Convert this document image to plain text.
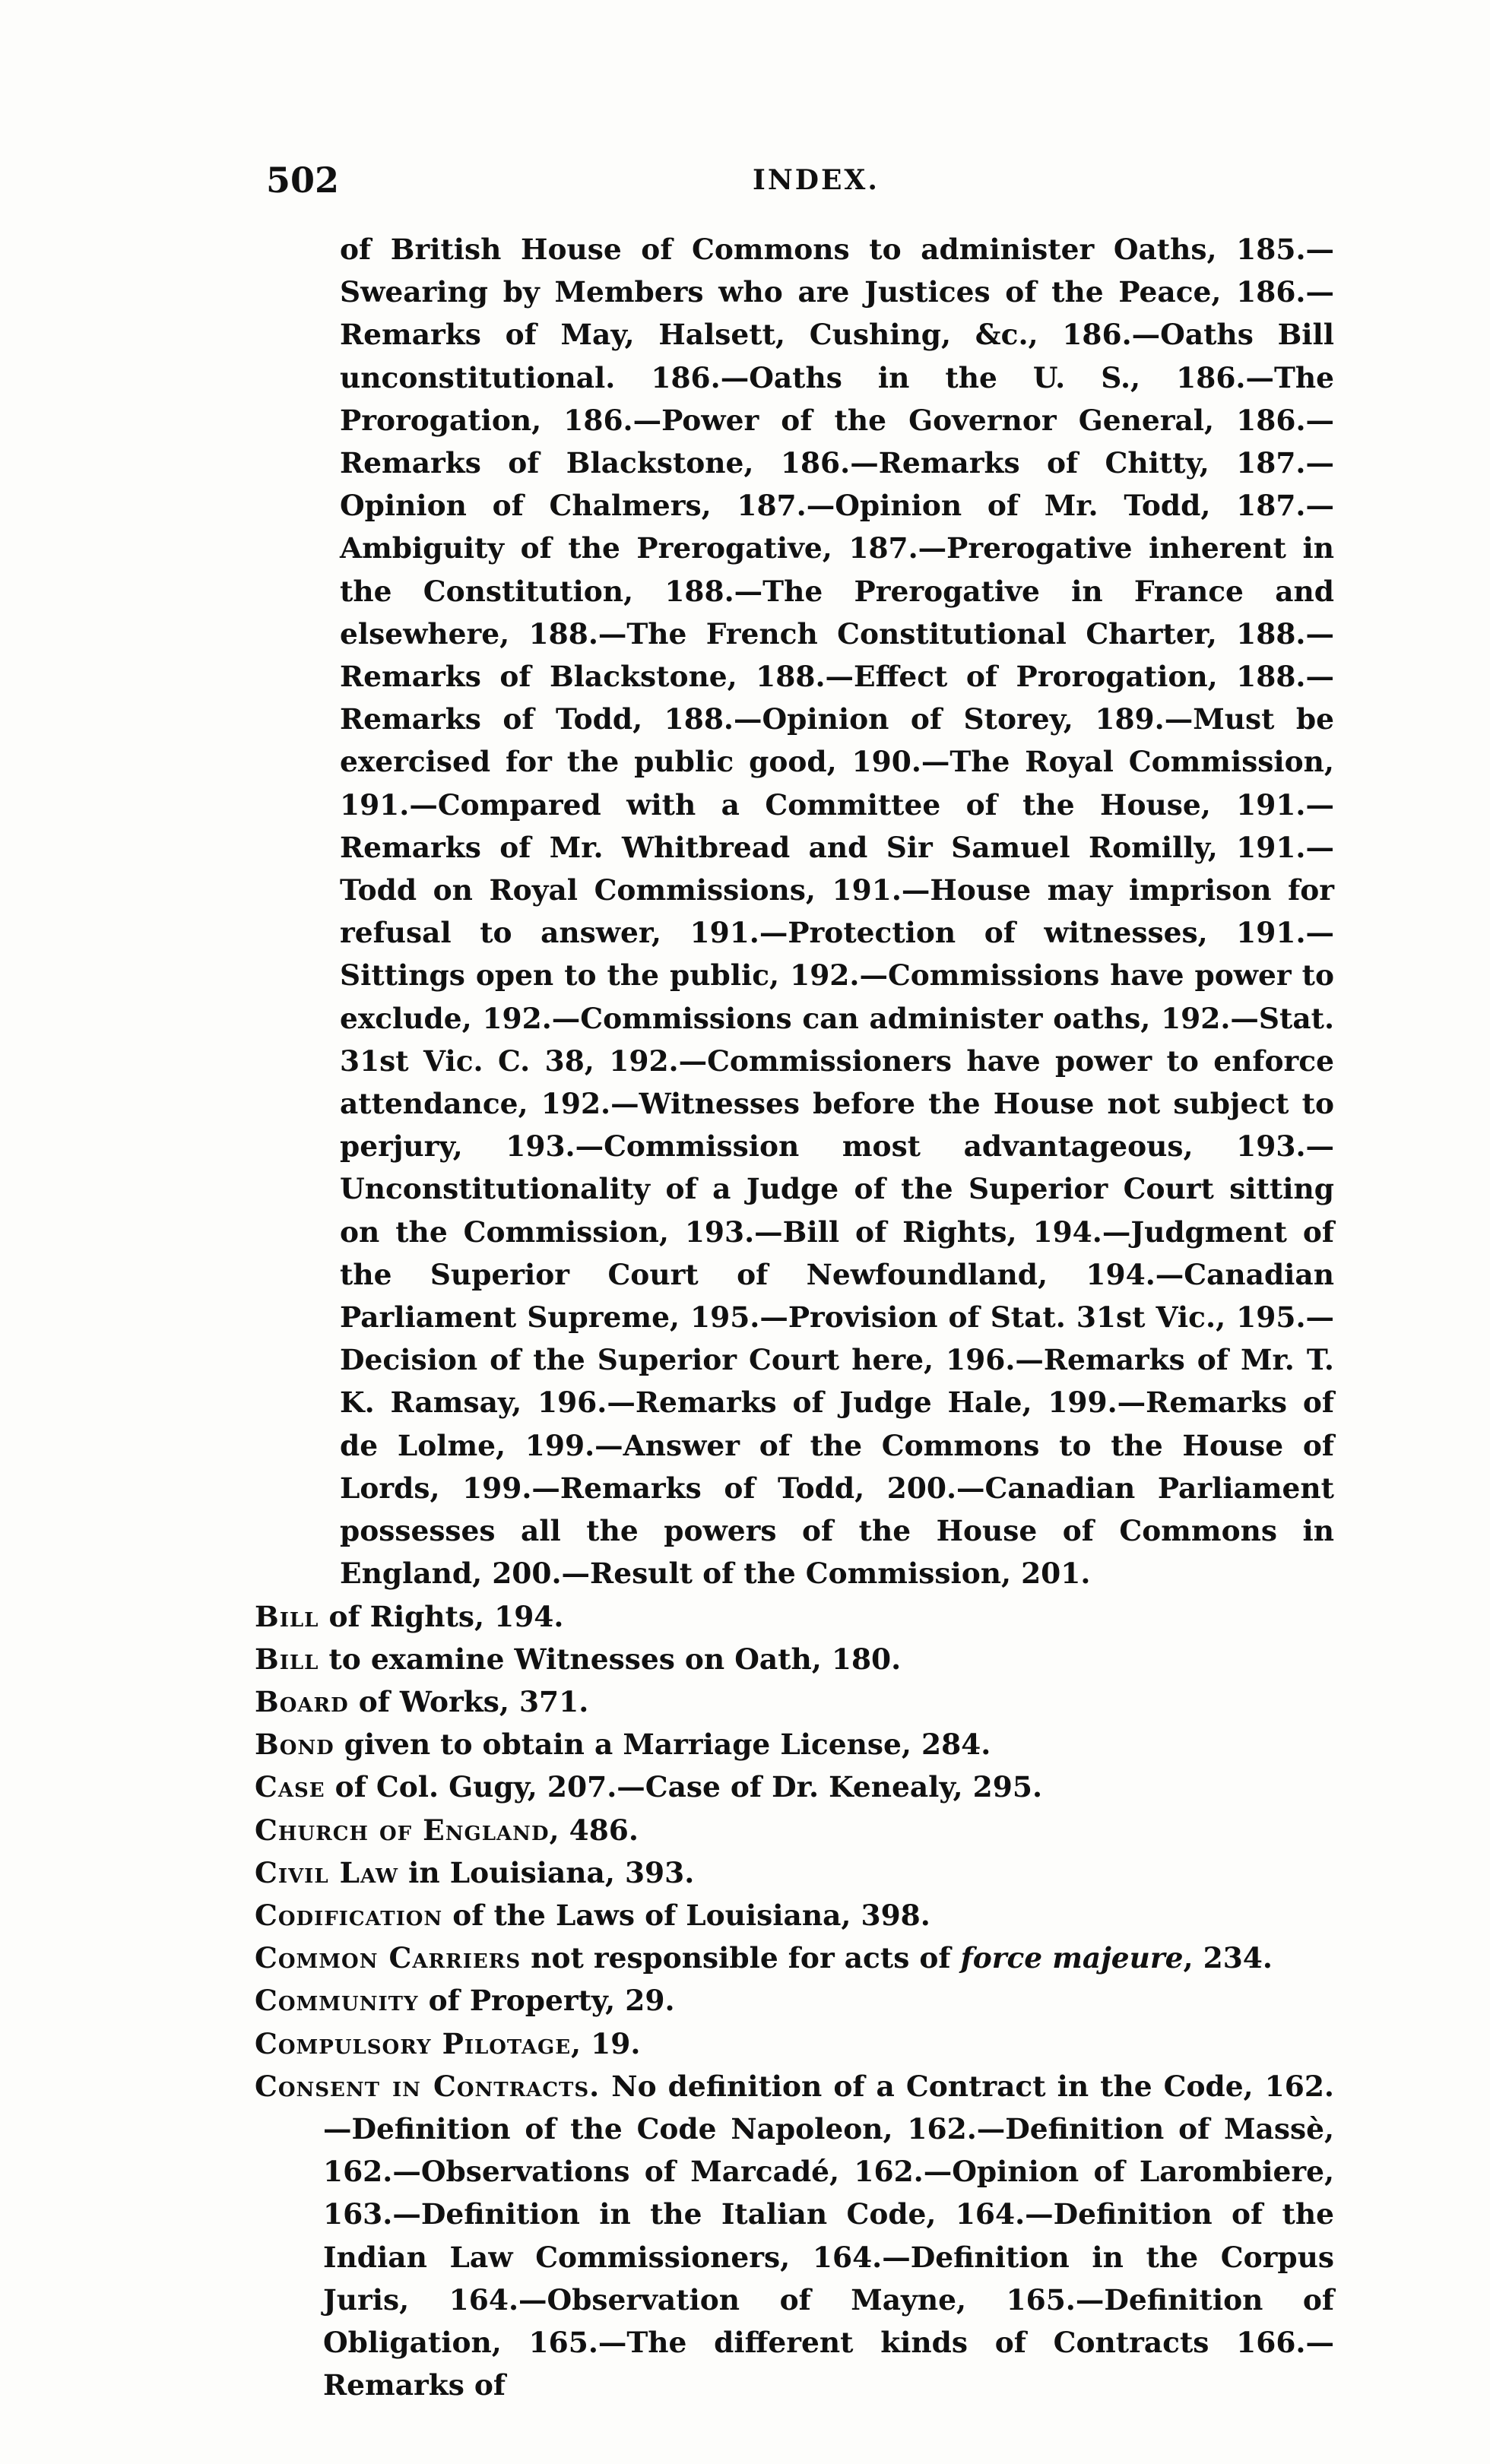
502	INDEX.
of British House of Commons to administer Oaths, 185.—Swearing by Members who are Justices of the Peace, 186.—Remarks of May, Halsett, Cushing, &c., 186.—Oaths Bill unconstitutional. 186.—Oaths in the U. S., 186.—The Prorogation, 186.—Power of the Governor General, 186.—Remarks of Blackstone, 186.—Remarks of Chitty, 187.—Opinion of Chalmers, 187.—Opinion of Mr. Todd, 187.—Ambiguity of the Prerogative, 187.—Prerogative inherent in the Constitution, 188.—The Prerogative in France and elsewhere, 188.—The French Constitutional Charter, 188.—Remarks of Blackstone, 188.—Effect of Prorogation, 188.—Remarks of Todd, 188.—Opinion of Storey, 189.—Must be exercised for the public good, 190.—The Royal Commission, 191.—Compared with a Committee of the House, 191.—Remarks of Mr. Whitbread and Sir Samuel Romilly, 191.—Todd on Royal Commissions, 191.—House may imprison for refusal to answer, 191.—Protection of witnesses, 191.—Sittings open to the public, 192.—Commissions have power to exclude, 192.—Commissions can administer oaths, 192.—Stat. 31st Vic. C. 38, 192.—Commissioners have power to enforce attendance, 192.—Witnesses before the House not subject to perjury, 193.—Commission most advantageous, 193.—Unconstitutionality of a Judge of the Superior Court sitting on the Commission, 193.—Bill of Rights, 194.—Judgment of the Superior Court of Newfoundland, 194.—Canadian Parliament Supreme, 195.—Provision of Stat. 31st Vic., 195.—Decision of the Superior Court here, 196.—Remarks of Mr. T. K. Ramsay, 196.—Remarks of Judge Hale, 199.—Remarks of de Lolme, 199.—Answer of the Commons to the House of Lords, 199.—Remarks of Todd, 200.—Canadian Parliament possesses all the powers of the House of Commons in England, 200.—Result of the Commission, 201.
Bill of Rights, 194.
Bill to examine Witnesses on Oath, 180.
Board of Works, 371.
Bond given to obtain a Marriage License, 284.
Case of Col. Gugy, 207.—Case of Dr. Kenealy, 295.
Church of England, 486.
Civil Law in Louisiana, 393.
Codification of the Laws of Louisiana, 398.
Common Carriers not responsible for acts of force majeure, 234.
Community of Property, 29.
Compulsory Pilotage, 19.
Consent in Contracts. No definition of a Contract in the Code, 162.—Definition of the Code Napoleon, 162.—Definition of Massè, 162.—Observations of Marcadé, 162.—Opinion of Larombiere, 163.—Definition in the Italian Code, 164.—Definition of the Indian Law Commissioners, 164.—Definition in the Corpus Juris, 164.—Observation of Mayne, 165.—Definition of Obligation, 165.—The different kinds of Contracts 166.—Remarks of
